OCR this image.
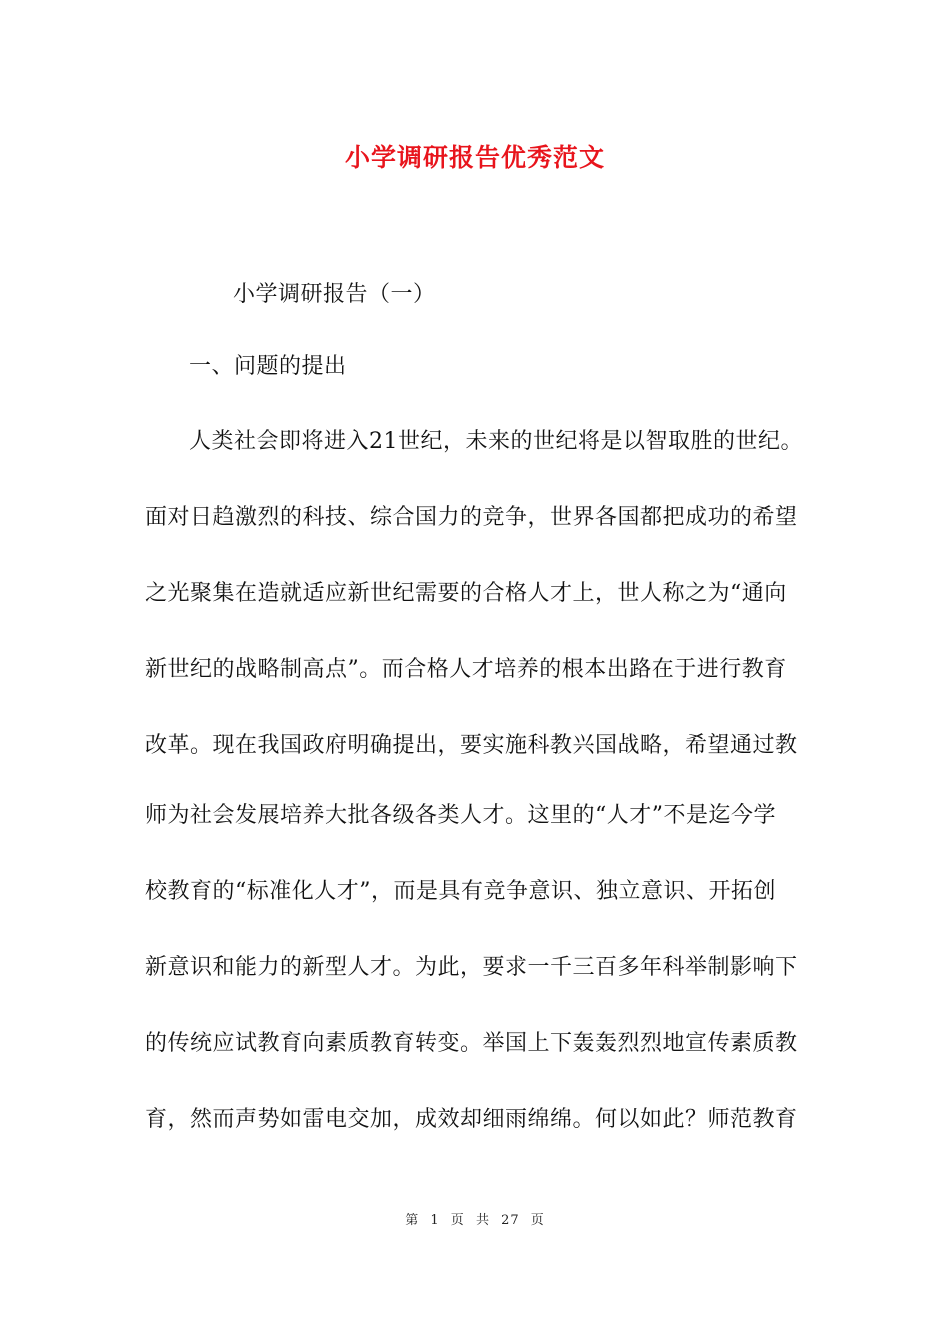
小学调研报告优秀范文
小学调研报告（一）
一、问题的提出
人类社会即将进入21世纪，未来的世纪将是以智取胜的世纪。
面对日趋激烈的科技、综合国力的竞争，世界各国都把成功的希望
之光聚集在造就适应新世纪需要的合格人才上，世人称之为“通向
新世纪的战略制高点”。而合格人才培养的根本出路在于进行教育
改革。现在我国政府明确提出，要实施科教兴国战略，希望通过教
师为社会发展培养大批各级各类人才。这里的“人才”不是迄今学
校教育的“标准化人才”，而是具有竞争意识、独立意识、开拓创
新意识和能力的新型人才。为此，要求一千三百多年科举制影响下
的传统应试教育向素质教育转变。举国上下轰轰烈烈地宣传素质教
育，然而声势如雷电交加，成效却细雨绵绵。何以如此？师范教育
第 1 页 共 27 页
